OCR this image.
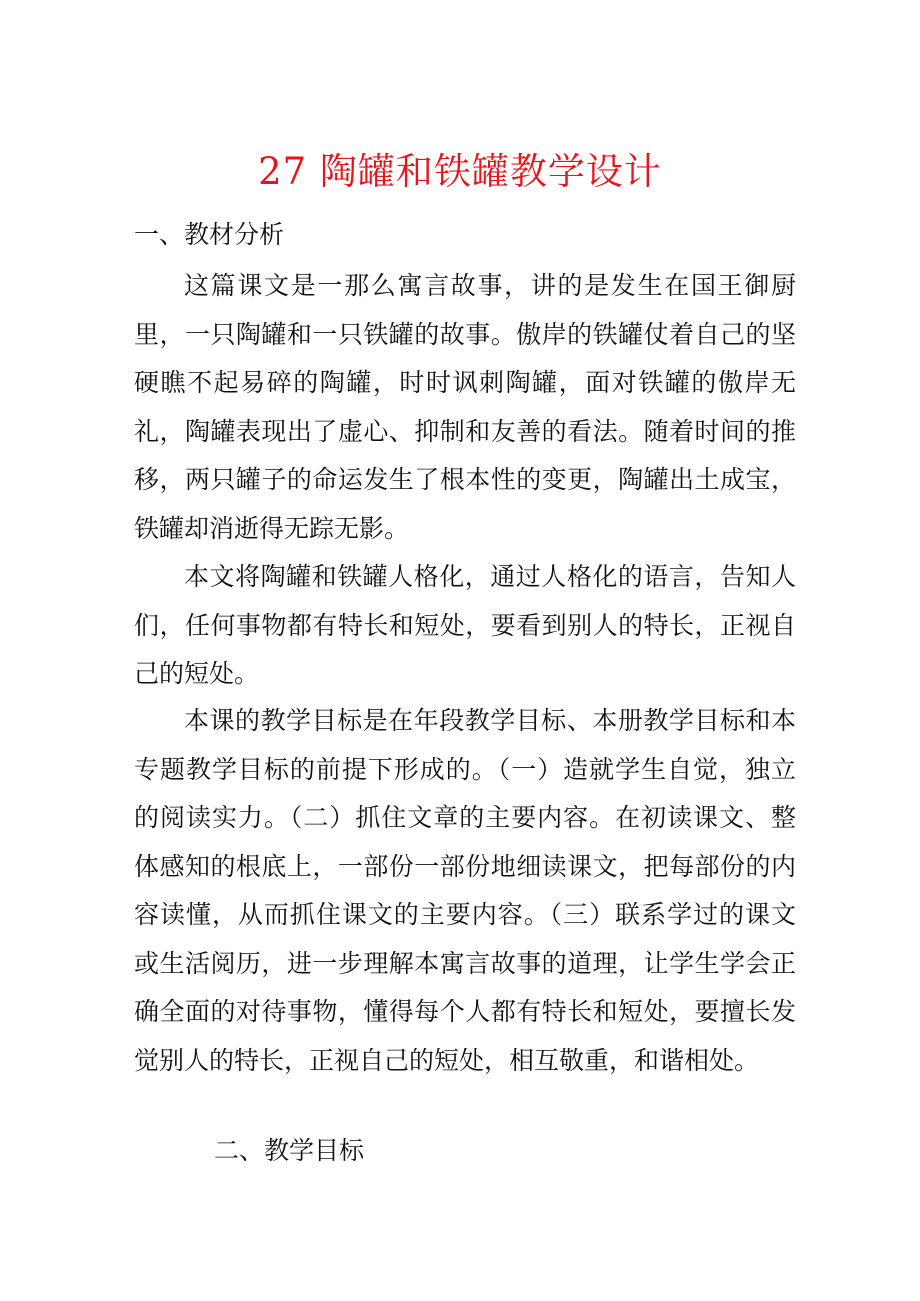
27 陶罐和铁罐教学设计
一、教材分析

这篇课文是一那么寓言故事，讲的是发生在国王御厨里，一只陶罐和一只铁罐的故事。傲岸的铁罐仗着自己的坚硬瞧不起易碎的陶罐，时时讽刺陶罐，面对铁罐的傲岸无礼，陶罐表现出了虚心、抑制和友善的看法。随着时间的推移，两只罐子的命运发生了根本性的变更，陶罐出土成宝，铁罐却消逝得无踪无影。

本文将陶罐和铁罐人格化，通过人格化的语言，告知人们，任何事物都有特长和短处，要看到别人的特长，正视自己的短处。

本课的教学目标是在年段教学目标、本册教学目标和本专题教学目标的前提下形成的。（一）造就学生自觉，独立的阅读实力。（二）抓住文章的主要内容。在初读课文、整体感知的根底上，一部份一部份地细读课文，把每部份的内容读懂，从而抓住课文的主要内容。（三）联系学过的课文或生活阅历，进一步理解本寓言故事的道理，让学生学会正确全面的对待事物，懂得每个人都有特长和短处，要擅长发觉别人的特长，正视自己的短处，相互敬重，和谐相处。

二、教学目标
